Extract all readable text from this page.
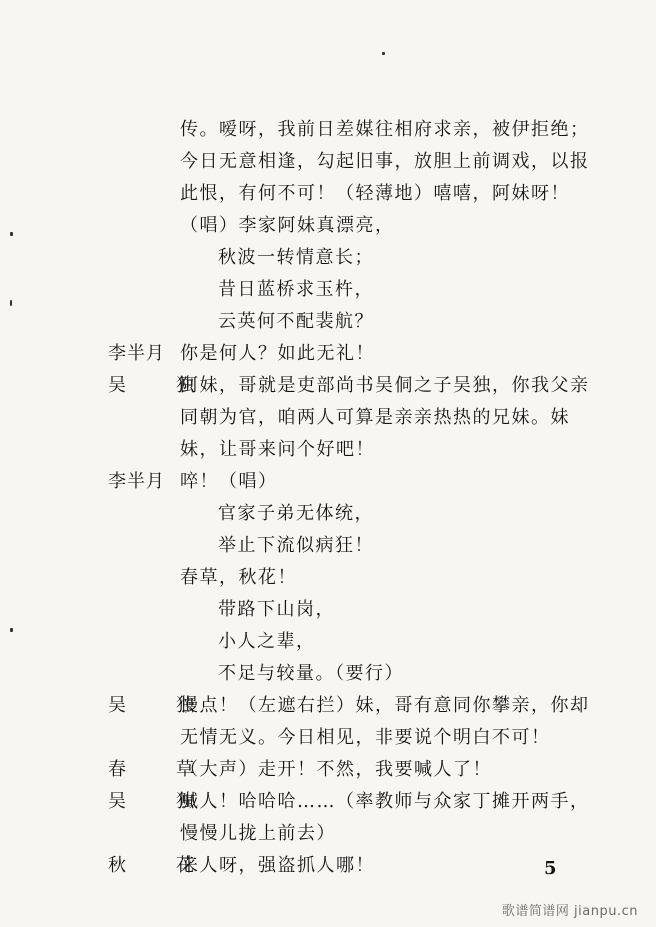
传。嗳呀，我前日差媒往相府求亲，被伊拒绝；
今日无意相逢，勾起旧事，放胆上前调戏，以报
此恨，有何不可！（轻薄地）嘻嘻，阿妹呀！
（唱）李家阿妹真漂亮，
秋波一转情意长；
昔日蓝桥求玉杵，
云英何不配裴航？
李半月 你是何人？如此无礼！
吴　独
阿妹，哥就是吏部尚书吴侗之子吴独，你我父亲
同朝为官，咱两人可算是亲亲热热的兄妹。妹
妹，让哥来问个好吧！
李半月 啐！（唱）
官家子弟无体统，
举止下流似病狂！
春草，秋花！
带路下山岗，
小人之辈，
不足与较量。（要行）
吴　独
慢点！（左遮右拦）妹，哥有意同你攀亲，你却
无情无义。今日相见，非要说个明白不可！
春　草
（大声）走开！不然，我要喊人了！
吴　独
喊人！哈哈哈……（率教师与众家丁摊开两手，
慢慢儿拢上前去）
秋　花
来人呀，强盗抓人哪！	5
歌谱简谱网 jianpu.cn
